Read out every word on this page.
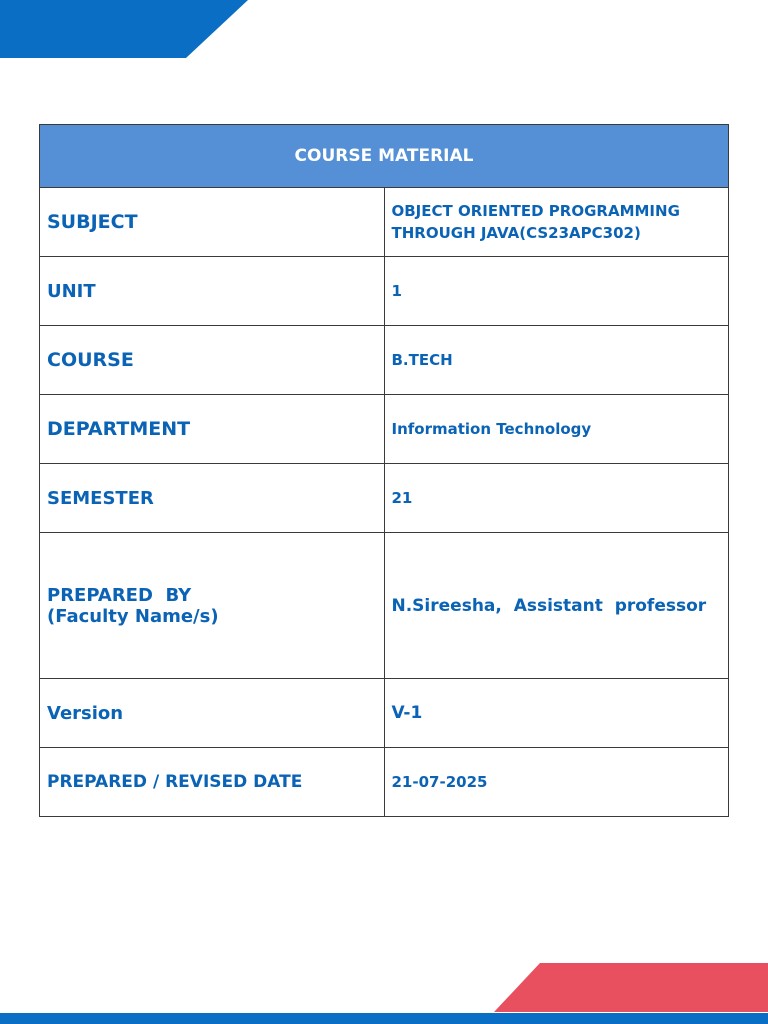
COURSE MATERIAL	
SUBJECT	OBJECT ORIENTED PROGRAMMING THROUGH JAVA(CS23APC302)
UNIT	1
COURSE	B.TECH
DEPARTMENT	Information Technology
SEMESTER	21

PREPARED  BY
(Faculty Name/s)	N.Sireesha,  Assistant  professor
Version	V-1
PREPARED / REVISED DATE	21-07-2025
